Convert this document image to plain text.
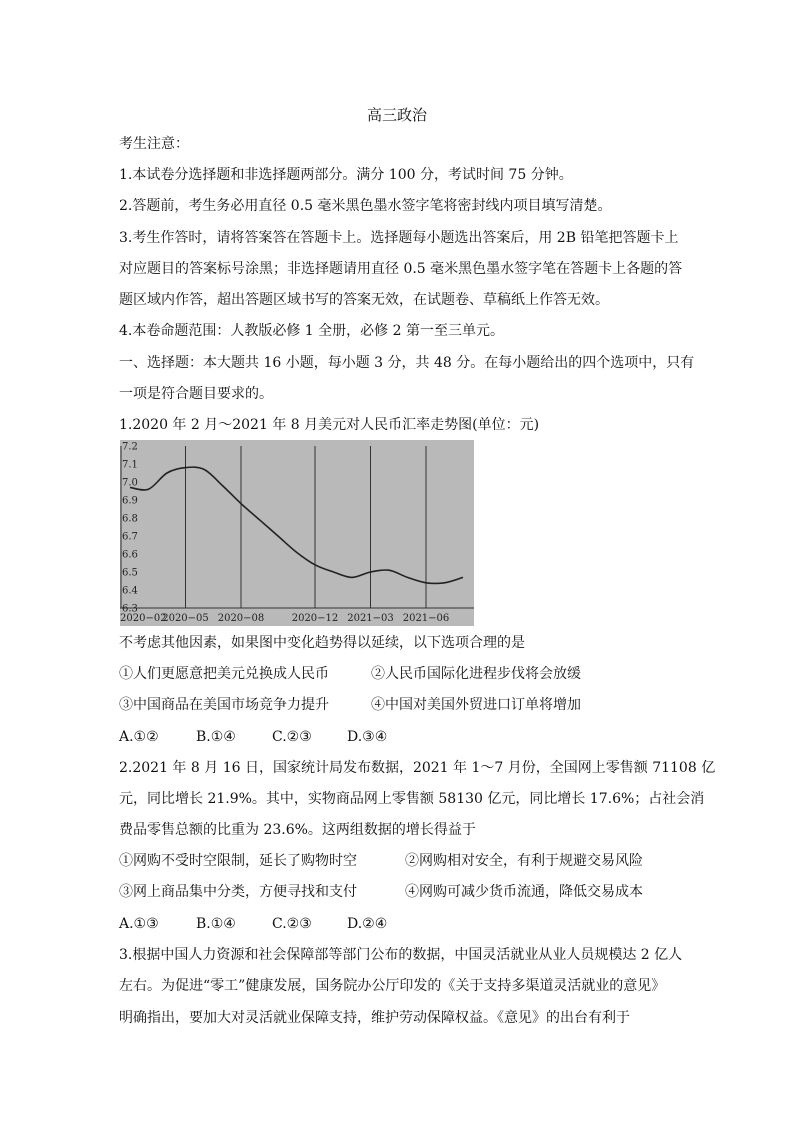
高三政治
考生注意：
1.本试卷分选择题和非选择题两部分。满分 100 分，考试时间 75 分钟。
2.答题前，考生务必用直径 0.5 毫米黑色墨水签字笔将密封线内项目填写清楚。
3.考生作答时，请将答案答在答题卡上。选择题每小题选出答案后，用 2B 铅笔把答题卡上
对应题目的答案标号涂黑；非选择题请用直径 0.5 毫米黑色墨水签字笔在答题卡上各题的答
题区域内作答，超出答题区域书写的答案无效，在试题卷、草稿纸上作答无效。
4.本卷命题范围：人教版必修 1 全册，必修 2 第一至三单元。
一、选择题：本大题共 16 小题，每小题 3 分，共 48 分。在每小题给出的四个选项中，只有
一项是符合题目要求的。
1.2020 年 2 月～2021 年 8 月美元对人民币汇率走势图(单位：元)
6.3
6.4
6.5
6.6
6.7
6.8
6.9
7.0
7.1
7.2
2020−02
2020−05 2020−08	2020−12 2021−03 2021−06
不考虑其他因素，如果图中变化趋势得以延续，以下选项合理的是
①人们更愿意把美元兑换成人民币	②人民币国际化进程步伐将会放缓
③中国商品在美国市场竞争力提升	④中国对美国外贸进口订单将增加
A.①②	B.①④	C.②③	D.③④
2.2021 年 8 月 16 日，国家统计局发布数据，2021 年 1～7 月份，全国网上零售额 71108 亿
元，同比增长 21.9%。其中，实物商品网上零售额 58130 亿元，同比增长 17.6%；占社会消
费品零售总额的比重为 23.6%。这两组数据的增长得益于
①网购不受时空限制，延长了购物时空	②网购相对安全，有利于规避交易风险
③网上商品集中分类，方便寻找和支付	④网购可减少货币流通，降低交易成本
A.①③	B.①④	C.②③	D.②④
3.根据中国人力资源和社会保障部等部门公布的数据，中国灵活就业从业人员规模达 2 亿人
左右。为促进“零工”健康发展，国务院办公厅印发的《关于支持多渠道灵活就业的意见》
明确指出，要加大对灵活就业保障支持，维护劳动保障权益。《意见》的出台有利于
